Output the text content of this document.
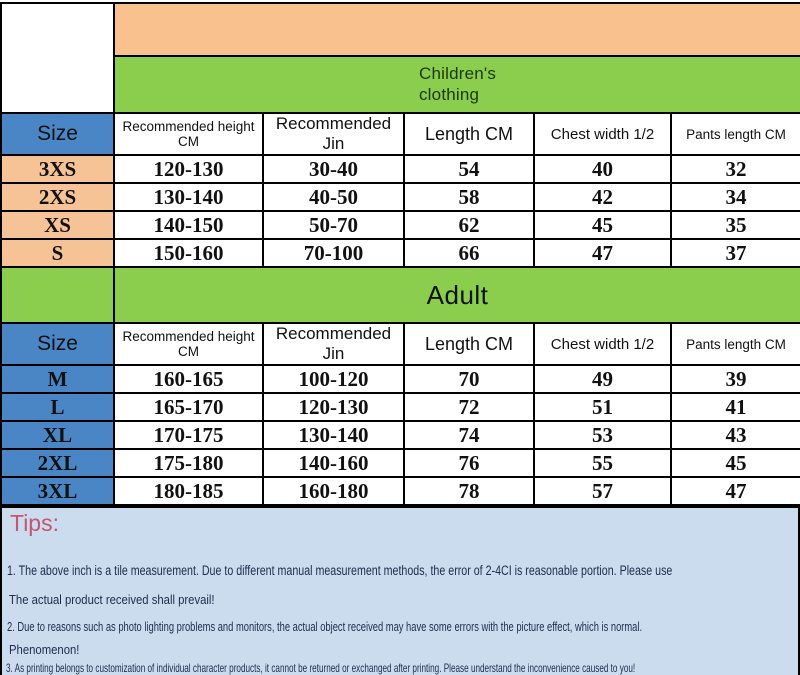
	Children's
clothing				
Size	Recommended height CM	Recommended Jin	Length CM	Chest width 1/2	Pants length CM
3XS	120-130	30-40	54	40	32
2XS	130-140	40-50	58	42	34
XS	140-150	50-70	62	45	35
S	150-160	70-100	66	47	37
	Adult				
Size	Recommended height CM	Recommended Jin	Length CM	Chest width 1/2	Pants length CM
M	160-165	100-120	70	49	39
L	165-170	120-130	72	51	41
XL	170-175	130-140	74	53	43
2XL	175-180	140-160	76	55	45
3XL	180-185	160-180	78	57	47
Tips:
1. The above inch is a tile measurement. Due to different manual measurement methods, the error of 2-4CI is reasonable portion. Please use
The actual product received shall prevail!
2. Due to reasons such as photo lighting problems and monitors, the actual object received may have some errors with the picture effect, which is normal.
Phenomenon!
3. As printing belongs to customization of individual character products, it cannot be returned or exchanged after printing. Please understand the inconvenience caused to you!
